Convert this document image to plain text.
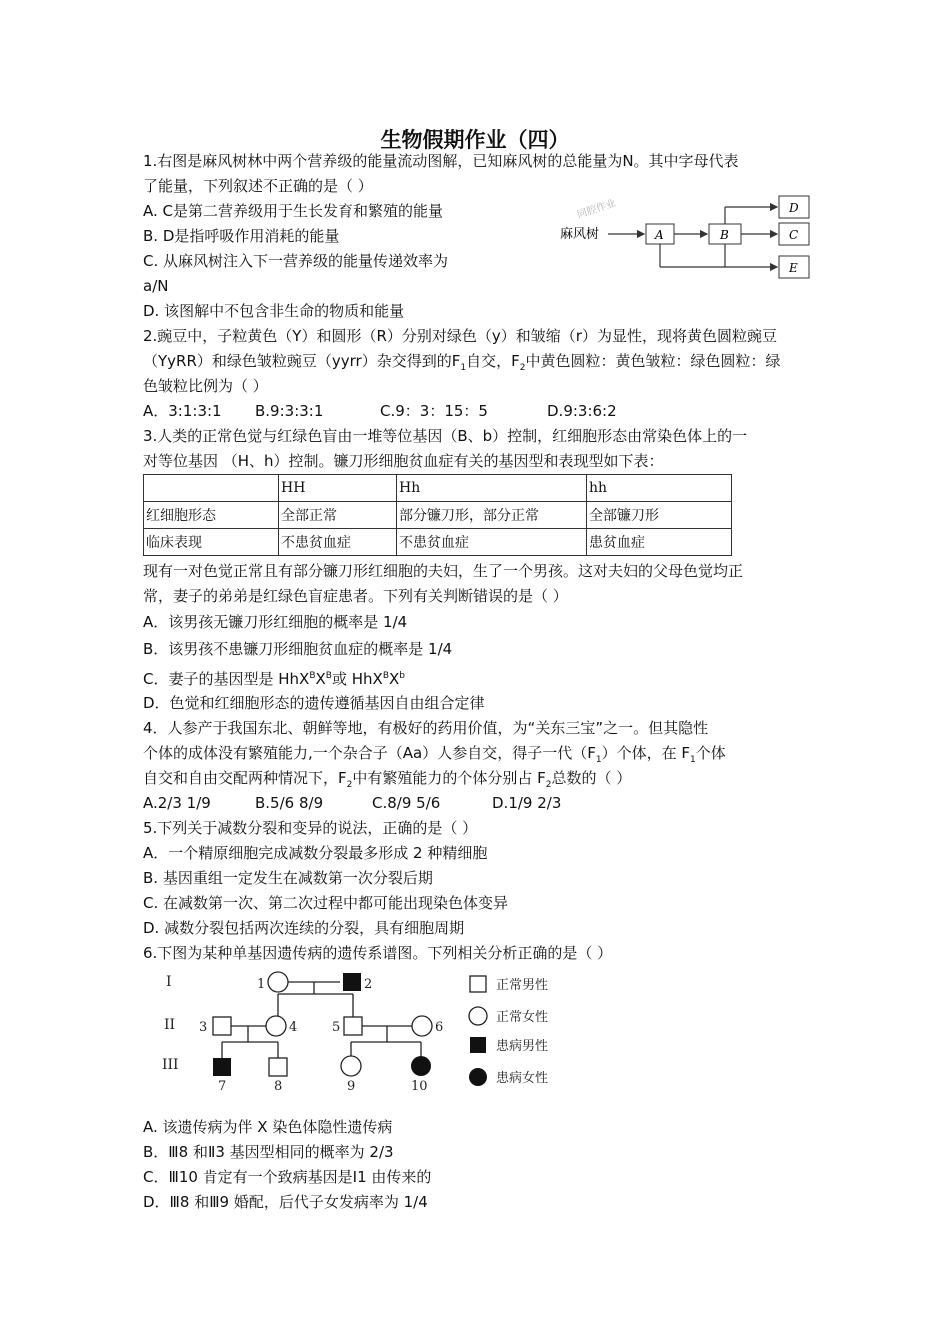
生物假期作业（四）
1.右图是麻风树林中两个营养级的能量流动图解，已知麻风树的总能量为N。其中字母代表
了能量，下列叙述不正确的是（ ）
A. C是第二营养级用于生长发育和繁殖的能量
B. D是指呼吸作用消耗的能量
C. 从麻风树注入下一营养级的能量传递效率为
a/N
D. 该图解中不包含非生命的物质和能量
同腔作业
麻风树	A	B
D
C
E
2.豌豆中，子粒黄色（Y）和圆形（R）分别对绿色（y）和皱缩（r）为显性，现将黄色圆粒豌豆
（YyRR）和绿色皱粒豌豆（yyrr）杂交得到的$F_1$自交，$F_2$中黄色圆粒：黄色皱粒：绿色圆粒：绿
色皱粒比例为（ ）
A．3:1:3:1 B.9:3:3:1	C.9：3：15：5	D.9:3:6:2
3.人类的正常色觉与红绿色盲由一堆等位基因（B、b）控制，红细胞形态由常染色体上的一
对等位基因 （H、h）控制。镰刀形细胞贫血症有关的基因型和表现型如下表：
	HH	Hh	hh
红细胞形态	全部正常	部分镰刀形，部分正常	全部镰刀形
临床表现	不患贫血症	不患贫血症	患贫血症
现有一对色觉正常且有部分镰刀形红细胞的夫妇，生了一个男孩。这对夫妇的父母色觉均正
常，妻子的弟弟是红绿色盲症患者。下列有关判断错误的是（ ）
A．该男孩无镰刀形红细胞的概率是 1/4
B．该男孩不患镰刀形细胞贫血症的概率是 1/4
C．妻子的基因型是 $HhX^BX^B$或 $HhX^BX^b$
D．色觉和红细胞形态的遗传遵循基因自由组合定律
4．人参产于我国东北、朝鲜等地，有极好的药用价值，为“关东三宝”之一。但其隐性
个体的成体没有繁殖能力,一个杂合子（Aa）人参自交，得子一代$(F_1)$个体，在 $F_1$个体
自交和自由交配两种情况下，$F_2$中有繁殖能力的个体分别占 $F_2$总数的（ ）
A.2/3 1/9	B.5/6 8/9	C.8/9 5/6	D.1/9 2/3
5.下列关于减数分裂和变异的说法，正确的是（ ）
A．一个精原细胞完成减数分裂最多形成 2 种精细胞
B. 基因重组一定发生在减数第一次分裂后期
C. 在减数第一次、第二次过程中都可能出现染色体变异
D. 减数分裂包括两次连续的分裂，具有细胞周期
6.下图为某种单基因遗传病的遗传系谱图。下列相关分析正确的是（ ）
I
II
III
1	2
3	4	5	6
7	8	9	10
正常男性
正常女性
患病男性
患病女性
A. 该遗传病为伴 X 染色体隐性遗传病
B．Ⅲ8 和Ⅱ3 基因型相同的概率为 2/3
C．Ⅲ10 肯定有一个致病基因是Ⅰ1 由传来的
D．Ⅲ8 和Ⅲ9 婚配，后代子女发病率为 1/4
